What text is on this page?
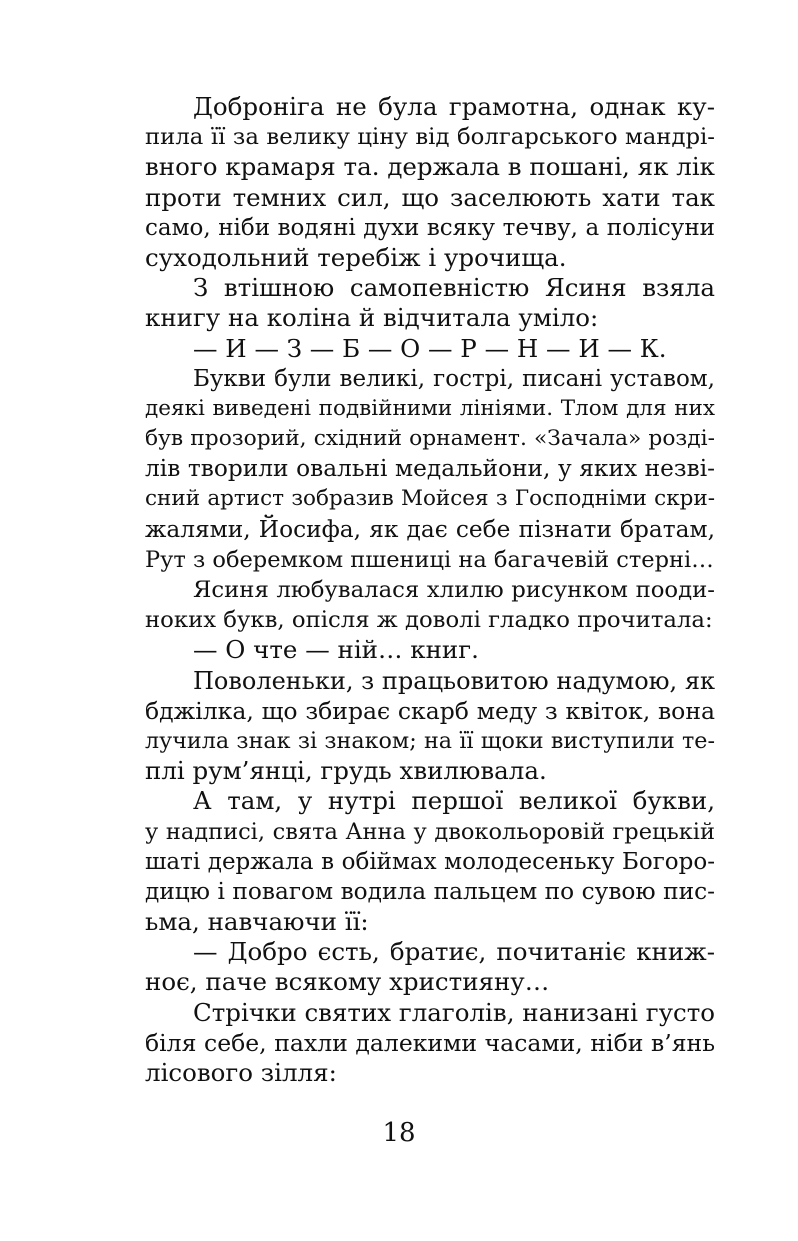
Доброніга не була грамотна, однак ку-
пила її за велику ціну від болгарського мандрі-
вного крамаря та. держала в пошані, як лік
проти темних сил, що заселюють хати так
само, ніби водяні духи всяку течву, а полісуни
суходольний теребіж і урочища.
З втішною самопевністю Ясиня взяла
книгу на коліна й відчитала уміло:
— И — З — Б — О — Р — Н — И — К.
Букви були великі, гострі, писані уставом,
деякі виведені подвійними лініями. Тлом для них
був прозорий, східний орнамент. «Зачала» розді-
лів творили овальні медальйони, у яких незві-
сний артист зобразив Мойсея з Господніми скри-
жалями, Йосифа, як дає себе пізнати братам,
Рут з оберемком пшениці на багачевій стерні…
Ясиня любувалася хлилю рисунком пооди-
ноких букв, опісля ж доволі гладко прочитала:
— О чте — ній… книг.
Поволеньки, з працьовитою надумою, як
бджілка, що збирає скарб меду з квіток, вона
лучила знак зі знаком; на її щоки виступили те-
плі рум’янці, грудь хвилювала.
А там, у нутрі першої великої букви,
у надписі, свята Анна у двокольоровій грецькій
шаті держала в обіймах молодесеньку Богоро-
дицю і повагом водила пальцем по сувою пис-
ьма, навчаючи її:
— Добро єсть, братиє, почитаніє книж-
ноє, паче всякому християну…
Стрічки святих глаголів, нанизані густо
біля себе, пахли далекими часами, ніби в’янь
лісового зілля:
18
